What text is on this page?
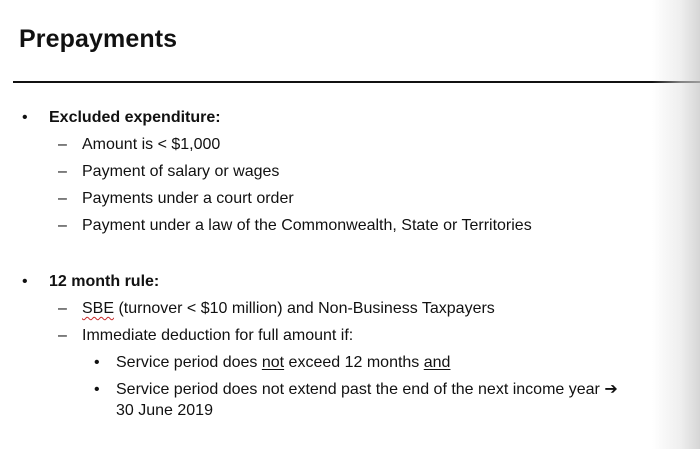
Prepayments
• Excluded expenditure:
– Amount is < $1,000
– Payment of salary or wages
– Payments under a court order
– Payment under a law of the Commonwealth, State or Territories
• 12 month rule:
– SBE (turnover < $10 million) and Non-Business Taxpayers
– Immediate deduction for full amount if:
• Service period does not exceed 12 months and
• Service period does not extend past the end of the next income year ➔
30 June 2019
